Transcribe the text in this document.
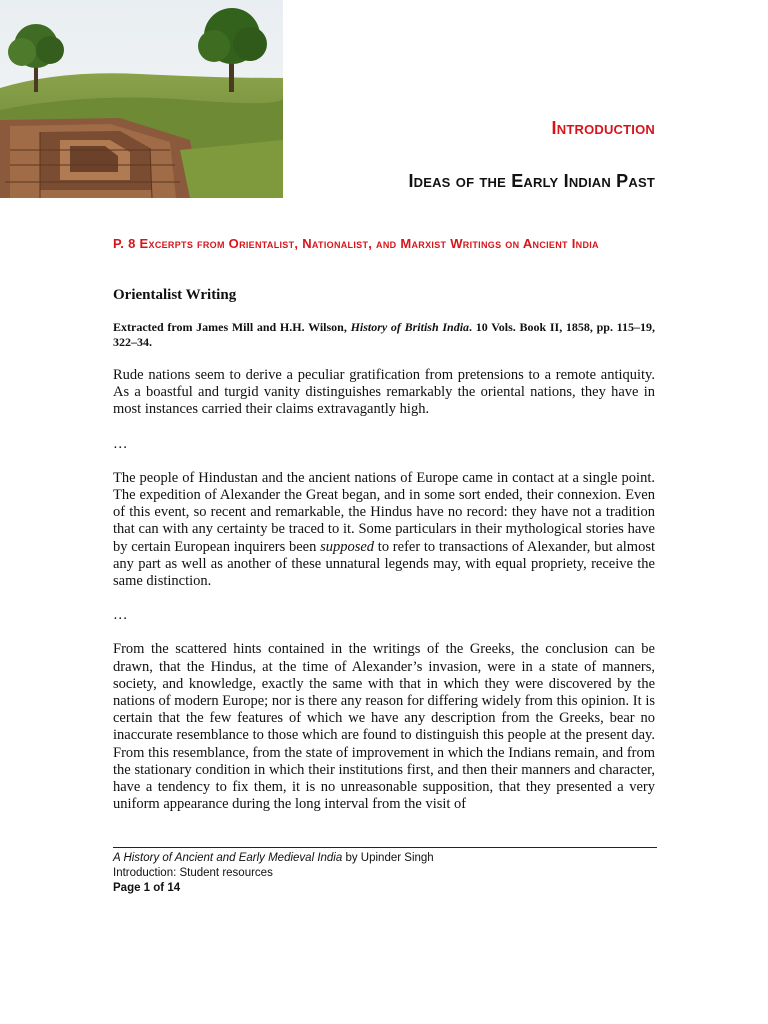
Introduction
Ideas of the Early Indian Past
P. 8 Excerpts from Orientalist, Nationalist, and Marxist Writings on Ancient India
Orientalist Writing
Extracted from James Mill and H.H. Wilson, History of British India. 10 Vols. Book II, 1858, pp. 115–19, 322–34.

Rude nations seem to derive a peculiar gratification from pretensions to a remote antiquity. As a boastful and turgid vanity distinguishes remarkably the oriental nations, they have in most instances carried their claims extravagantly high.

…

The people of Hindustan and the ancient nations of Europe came in contact at a single point. The expedition of Alexander the Great began, and in some sort ended, their connexion. Even of this event, so recent and remarkable, the Hindus have no record: they have not a tradition that can with any certainty be traced to it. Some particulars in their mythological stories have by certain European inquirers been supposed to refer to transactions of Alexander, but almost any part as well as another of these unnatural legends may, with equal propriety, receive the same distinction.

…

From the scattered hints contained in the writings of the Greeks, the conclusion can be drawn, that the Hindus, at the time of Alexander’s invasion, were in a state of manners, society, and knowledge, exactly the same with that in which they were discovered by the nations of modern Europe; nor is there any reason for differing widely from this opinion. It is certain that the few features of which we have any description from the Greeks, bear no inaccurate resemblance to those which are found to distinguish this people at the present day. From this resemblance, from the state of improvement in which the Indians remain, and from the stationary condition in which their institutions first, and then their manners and character, have a tendency to fix them, it is no unreasonable supposition, that they presented a very uniform appearance during the long interval from the visit of

A History of Ancient and Early Medieval India by Upinder Singh
Introduction: Student resources
Page 1 of 14
